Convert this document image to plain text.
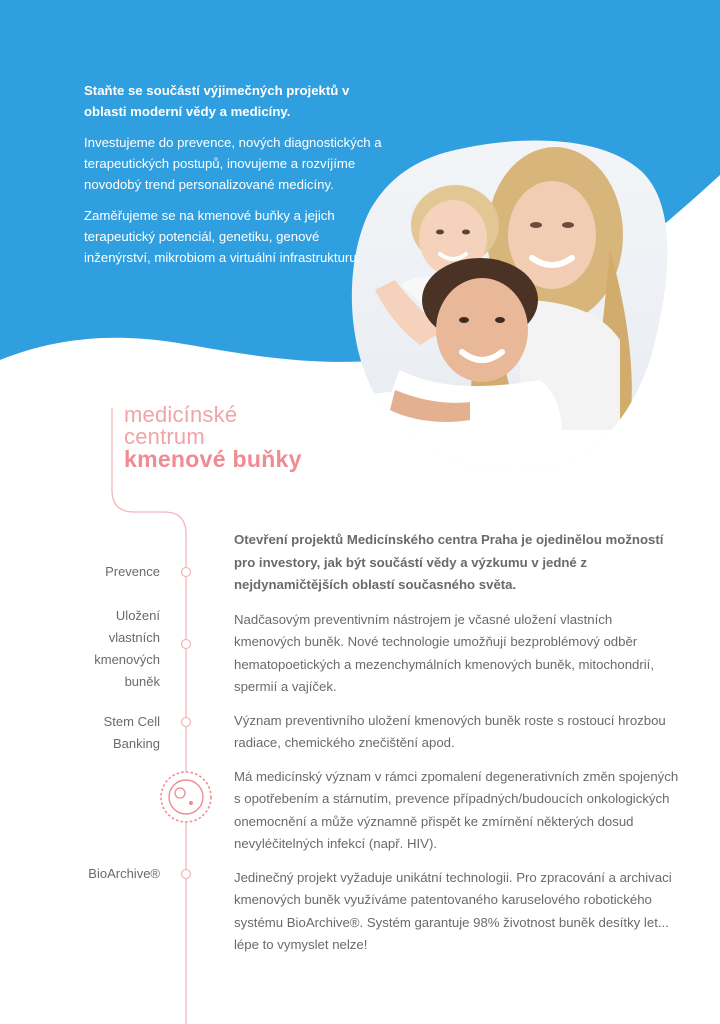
Staňte se součástí výjimečných projektů v oblasti moderní vědy a medicíny.

Investujeme do prevence, nových diagnostických a terapeutických postupů, inovujeme a rozvíjíme novodobý trend personalizované medicíny.

Zaměřujeme se na kmenové buňky a jejich terapeutický potenciál, genetiku, genové inženýrství, mikrobiom a virtuální infrastrukturu.

medicínské
centrum
kmenové buňky
Prevence
Uložení
vlastních
kmenových
buněk
Stem Cell
Banking
BioArchive®

Otevření projektů Medicínského centra Praha je ojedinělou možností pro investory, jak být součástí vědy a výzkumu v jedné z nejdynamičtějších oblastí současného světa.

Nadčasovým preventivním nástrojem je včasné uložení vlastních kmenových buněk. Nové technologie umožňují bezproblémový odběr hematopoetických a mezenchymálních kmenových buněk, mitochondrií, spermií a vajíček.

Význam preventivního uložení kmenových buněk roste s rostoucí hrozbou radiace, chemického znečištění apod.

Má medicínský význam v rámci zpomalení degenerativních změn spojených s opotřebením a stárnutím, prevence případných/budoucích onkologických onemocnění a může významně přispět ke zmírnění některých dosud nevyléčitelných infekcí (např. HIV).

Jedinečný projekt vyžaduje unikátní technologii. Pro zpracování a archivaci kmenových buněk využíváme patentovaného karuselového robotického systému BioArchive®. Systém garantuje 98% životnost buněk desítky let... lépe to vymyslet nelze!
